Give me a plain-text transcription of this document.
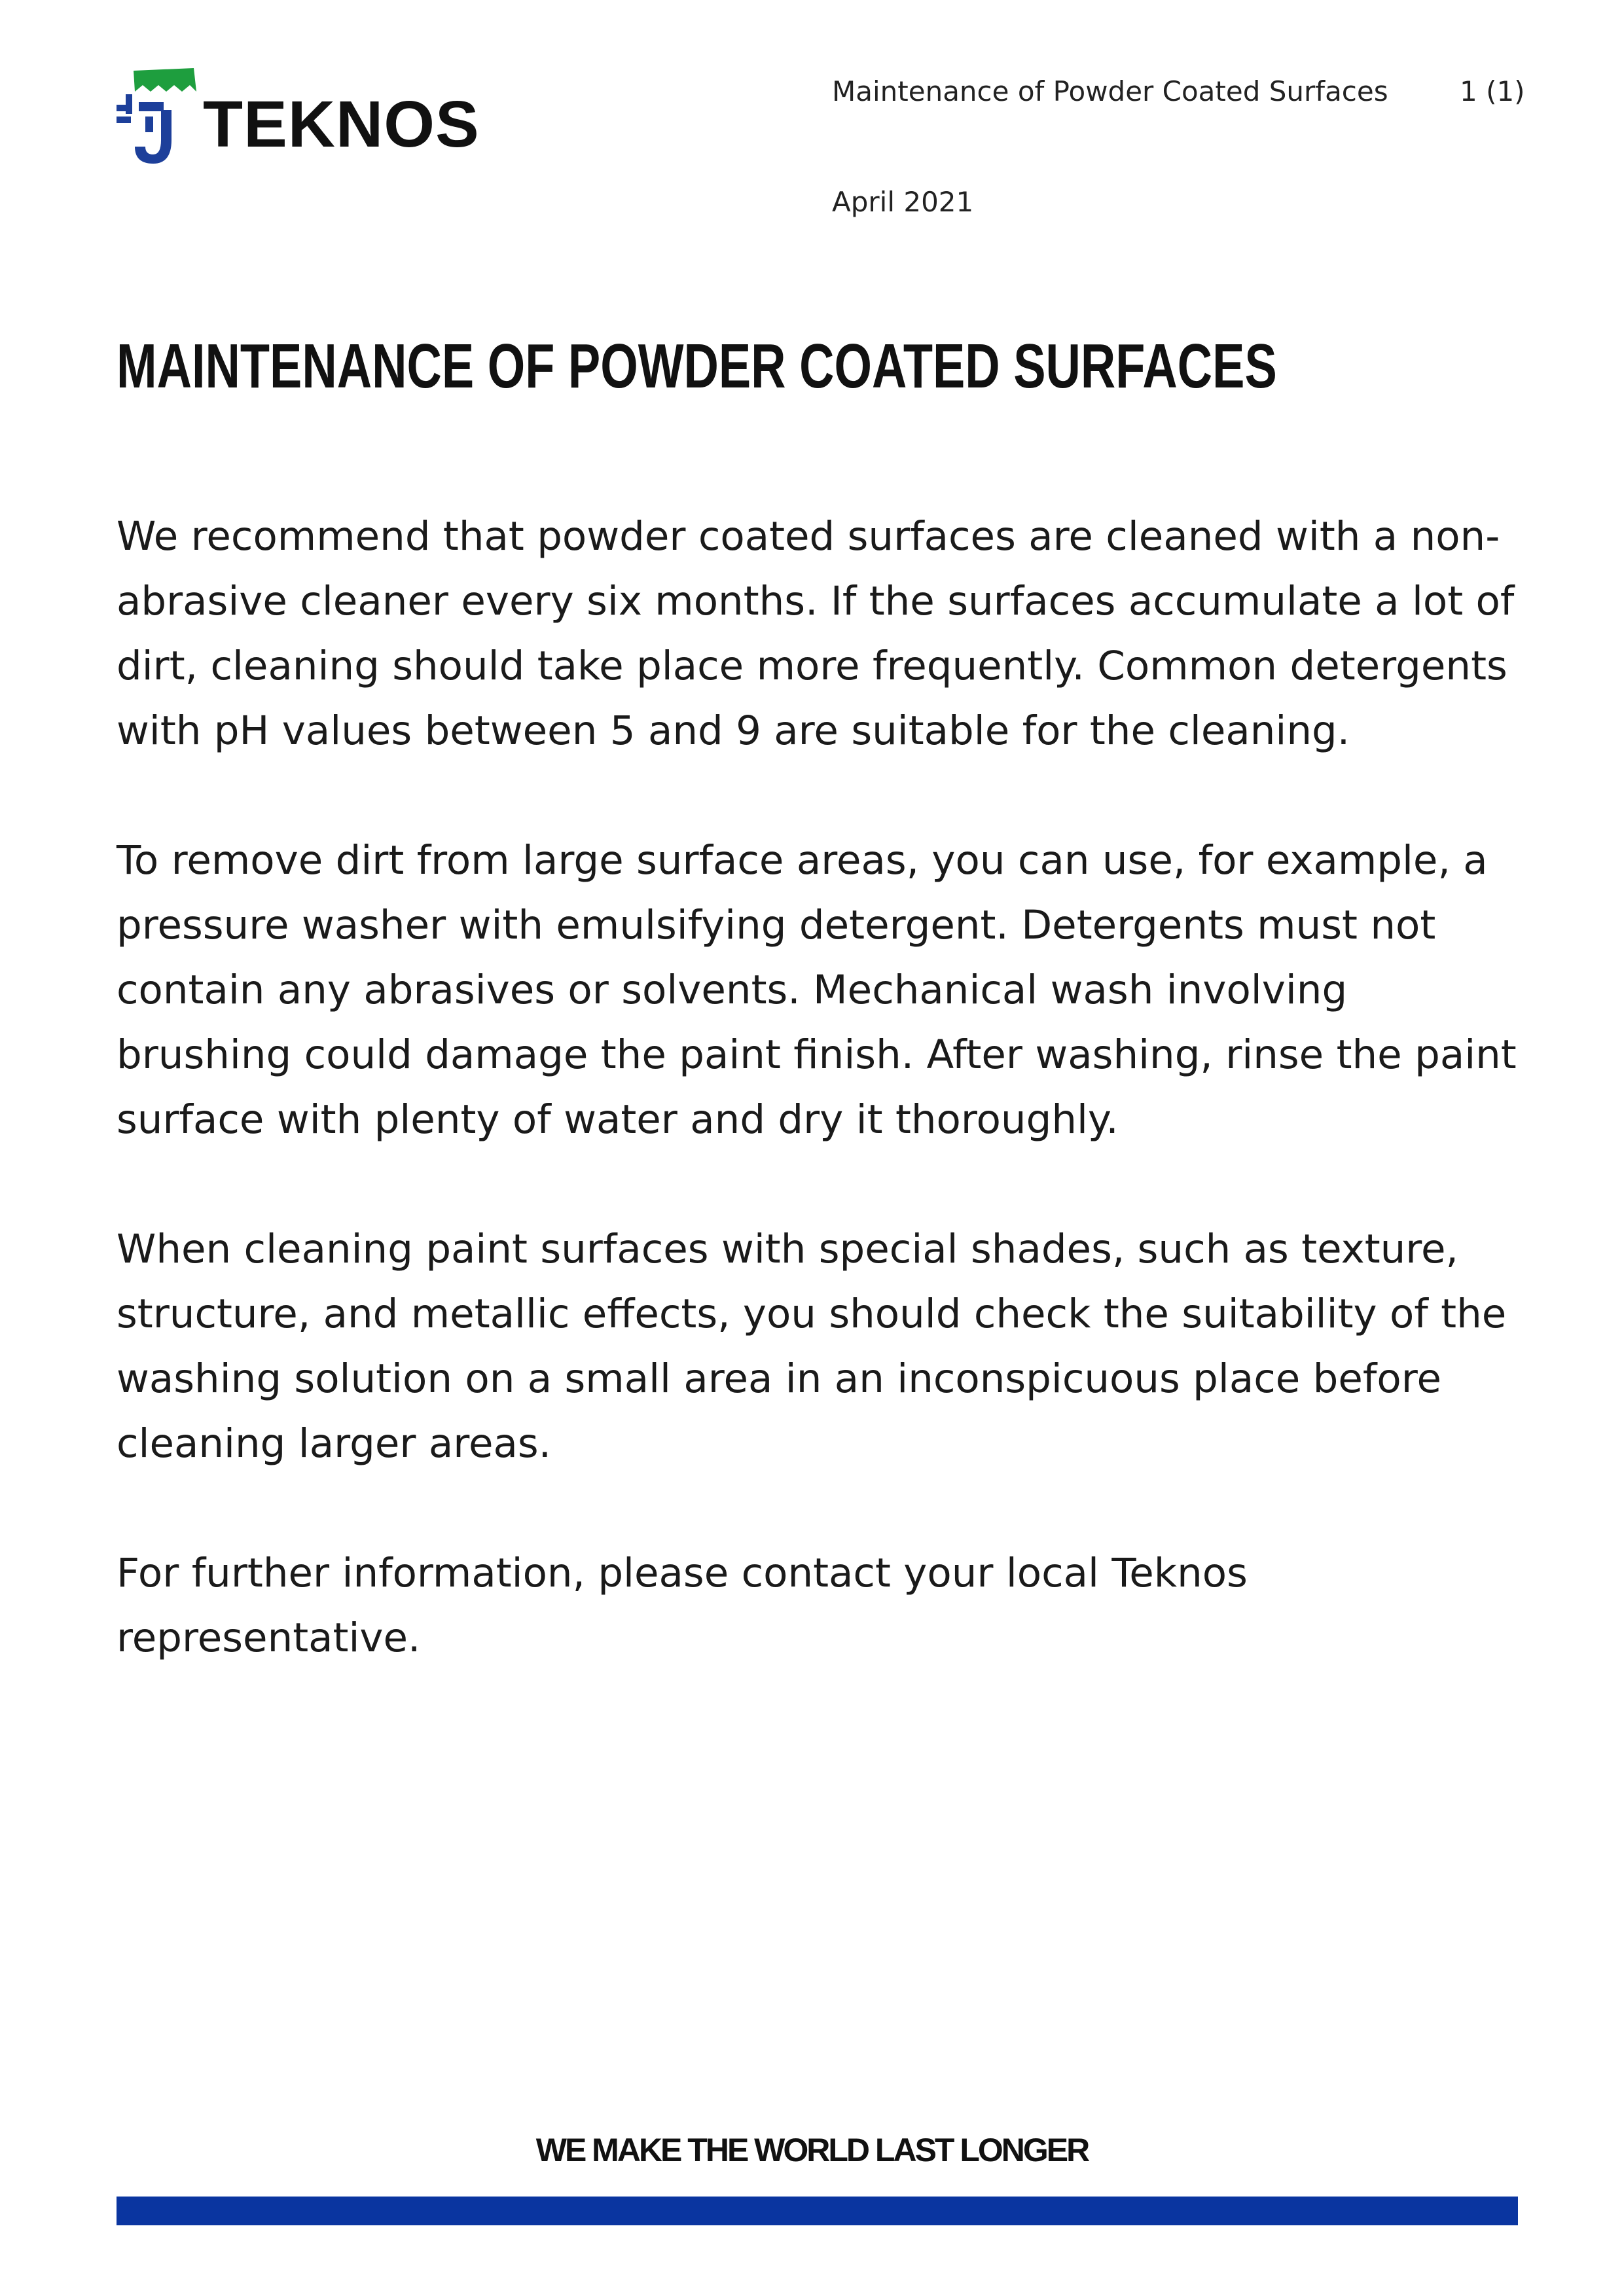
TEKNOS	Maintenance of Powder Coated Surfaces	1 (1)
April 2021
MAINTENANCE OF POWDER COATED SURFACES

We recommend that powder coated surfaces are cleaned with a non-abrasive cleaner every six months. If the surfaces accumulate a lot of dirt, cleaning should take place more frequently. Common detergents with pH values between 5 and 9 are suitable for the cleaning.

To remove dirt from large surface areas, you can use, for example, a pressure washer with emulsifying detergent. Detergents must not contain any abrasives or solvents. Mechanical wash involving brushing could damage the paint finish. After washing, rinse the paint surface with plenty of water and dry it thoroughly.

When cleaning paint surfaces with special shades, such as texture, structure, and metallic effects, you should check the suitability of the washing solution on a small area in an inconspicuous place before cleaning larger areas.

For further information, please contact your local Teknos representative.

WE MAKE THE WORLD LAST LONGER
